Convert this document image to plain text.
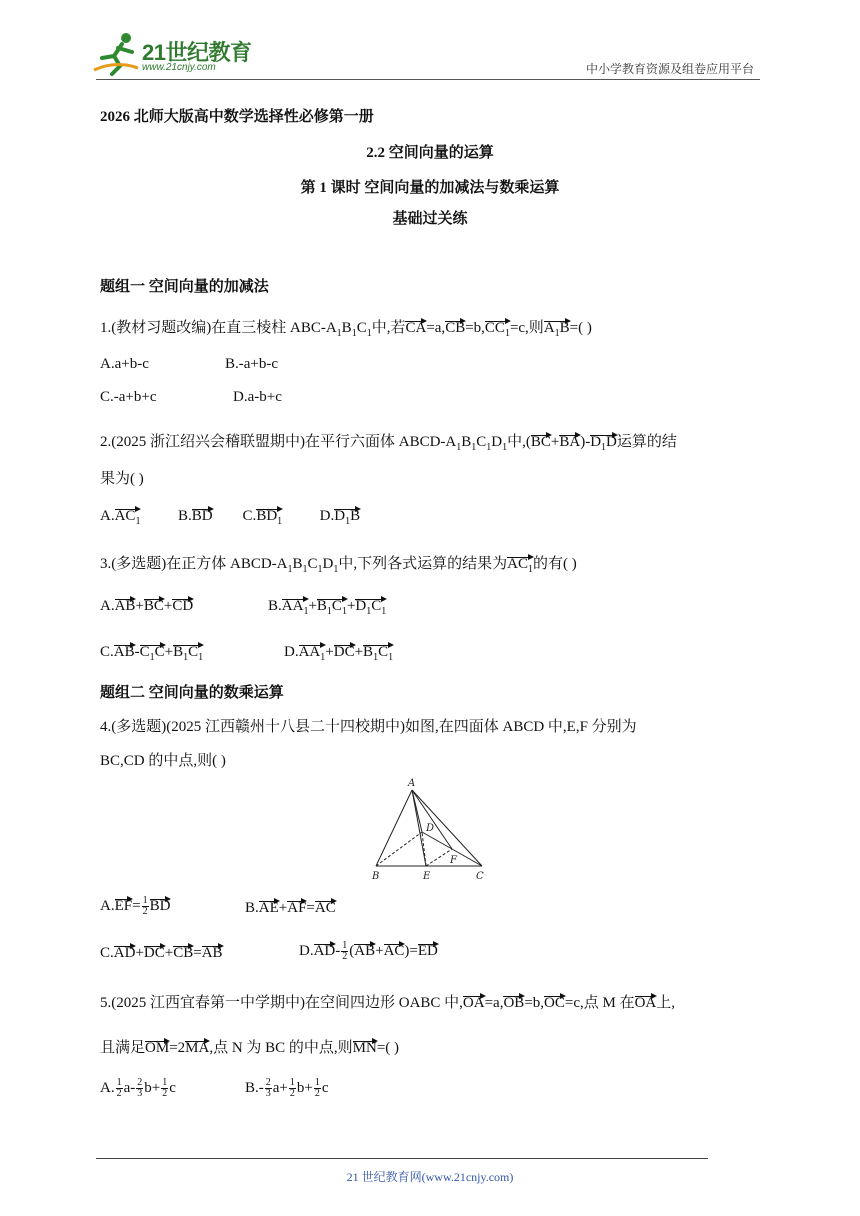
21世纪教育
www.21cnjy.com	中小学教育资源及组卷应用平台
2026 北师大版高中数学选择性必修第一册
2.2 空间向量的运算
第 1 课时 空间向量的加减法与数乘运算
基础过关练
题组一 空间向量的加减法
1.(教材习题改编)在直三棱柱 ABC-$A_1B_1C_1$中,若$CA=a,CB=b,CC_1=c$,则$A_1B=$( )
A.a+b-c	B.-a+b-c
C.-a+b+c	D.a-b+c
2.(2025 浙江绍兴会稽联盟期中)在平行六面体 ABCD-$A_1B_1C_1D_1$中$,(BC+BA)-D_1D$运算的结
果为( )
$A.AC_1$          B.BD        $C.BD_1$          $D.D_1B$
3.(多选题)在正方体 ABCD-$A_1B_1C_1D_1$中,下列各式运算的结果为$AC_1$的有( )
A.AB+BC+CD	$B.AA_1+B_1C_1+D_1C_1$
$C.AB-C_1C+B_1C_1$	$D.AA_1+DC+B_1C_1$
题组二 空间向量的数乘运算
4.(多选题)(2025 江西赣州十八县二十四校期中)如图,在四面体 ABCD 中,E,F 分别为
BC,CD 的中点,则( )
A
B	C
D
E
F
$A.EF= \frac{1}{2}$ BD	B.AE+AF=AC
C.AD+DC+CB=AB	$D.AD- \frac{1}{2} (AB+AC)=ED$
5.(2025 江西宜春第一中学期中)在空间四边形 OABC 中,OA=a,OB=b,OC=c,点 M 在OA上,
且满足OM=2MA,点 N 为 BC 的中点,则MN=( )
A. $\frac{1}{2} a- \frac{2}{3} b+ \frac{1}{2}$ c	$B.- \frac{2}{3} a+ \frac{1}{2} b+ \frac{1}{2}$ c
21 世纪教育网(www.21cnjy.com)
